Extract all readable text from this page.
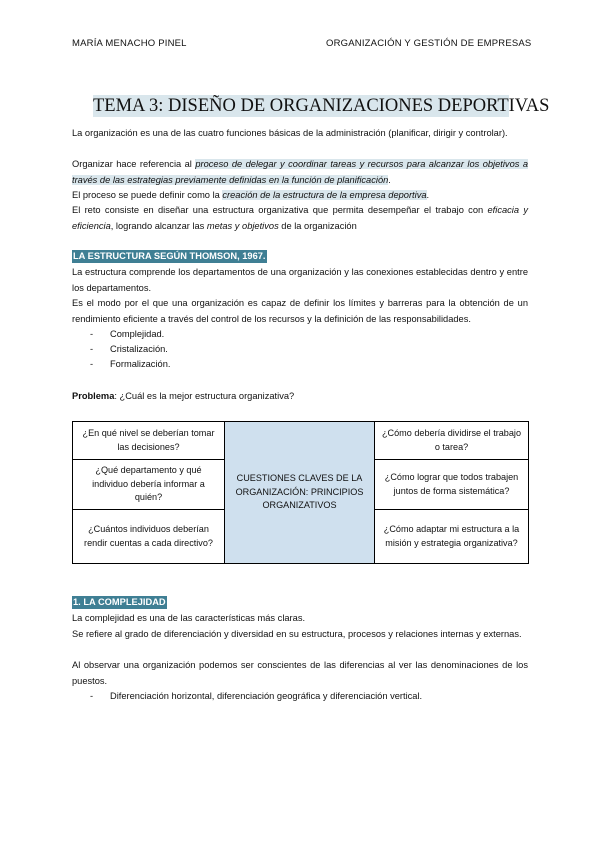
MARÍA MENACHO PINEL	ORGANIZACIÓN Y GESTIÓN DE EMPRESAS
TEMA 3: DISEÑO DE ORGANIZACIONES DEPORTIVAS
La organización es una de las cuatro funciones básicas de la administración (planificar, dirigir y controlar).
Organizar hace referencia al proceso de delegar y coordinar tareas y recursos para alcanzar los objetivos a través de las estrategias previamente definidas en la función de planificación.
El proceso se puede definir como la creación de la estructura de la empresa deportiva.
El reto consiste en diseñar una estructura organizativa que permita desempeñar el trabajo con eficacia y eficiencia, logrando alcanzar las metas y objetivos de la organización
LA ESTRUCTURA SEGÚN THOMSON, 1967.
La estructura comprende los departamentos de una organización y las conexiones establecidas dentro y entre los departamentos.
Es el modo por el que una organización es capaz de definir los límites y barreras para la obtención de un rendimiento eficiente a través del control de los recursos y la definición de las responsabilidades.
- Complejidad.
- Cristalización.
- Formalización.
Problema: ¿Cuál es la mejor estructura organizativa?
¿En qué nivel se deberían tomar las decisiones?	CUESTIONES CLAVES DE LA ORGANIZACIÓN: PRINCIPIOS ORGANIZATIVOS	¿Cómo debería dividirse el trabajo o tarea?
¿Qué departamento y qué individuo debería informar a quién?		¿Cómo lograr que todos trabajen juntos de forma sistemática?
¿Cuántos individuos deberían rendir cuentas a cada directivo?		¿Cómo adaptar mi estructura a la misión y estrategia organizativa?
1. LA COMPLEJIDAD
La complejidad es una de las características más claras.
Se refiere al grado de diferenciación y diversidad en su estructura, procesos y relaciones internas y externas.
Al observar una organización podemos ser conscientes de las diferencias al ver las denominaciones de los puestos.
- Diferenciación horizontal, diferenciación geográfica y diferenciación vertical.
